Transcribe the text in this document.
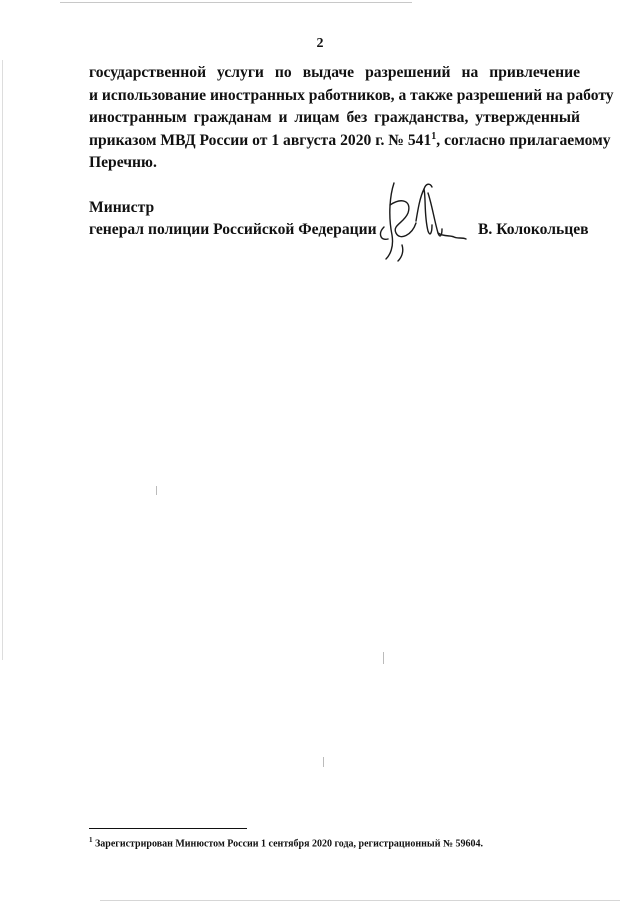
2
государственной услуги по выдаче разрешений на привлечение
и использование иностранных работников, а также разрешений на работу
иностранным гражданам и лицам без гражданства, утвержденный
приказом МВД России от 1 августа 2020 г. № $541^1$, согласно прилагаемому
Перечню.
Министр
генерал полиции Российской Федерации	В. Колокольцев
$^1$ Зарегистрирован Минюстом России 1 сентября 2020 года, регистрационный № 59604.
